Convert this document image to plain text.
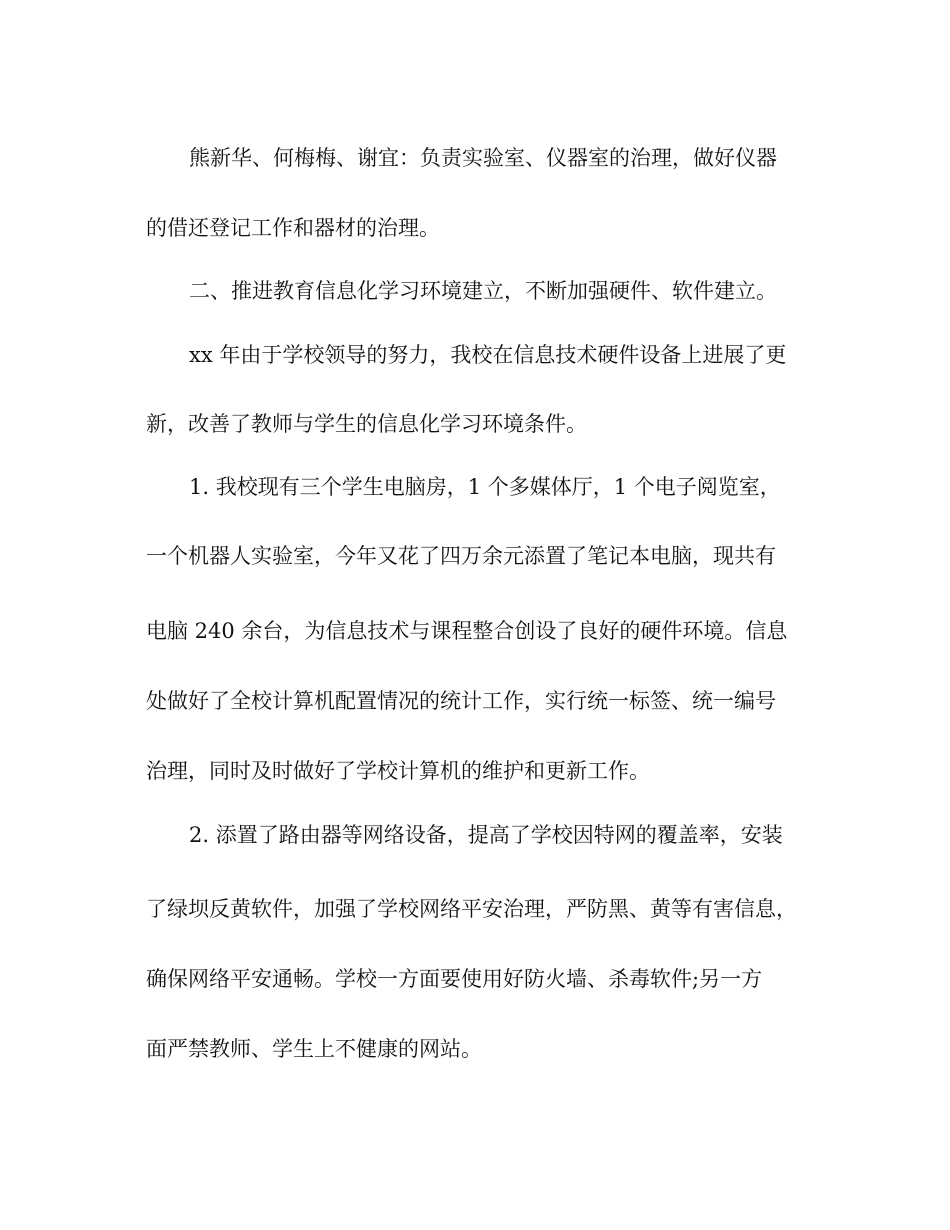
熊新华、何梅梅、谢宜：负责实验室、仪器室的治理，做好仪器
的借还登记工作和器材的治理。
二、推进教育信息化学习环境建立，不断加强硬件、软件建立。
xx 年由于学校领导的努力，我校在信息技术硬件设备上进展了更
新，改善了教师与学生的信息化学习环境条件。
1. 我校现有三个学生电脑房，1 个多媒体厅，1 个电子阅览室，
一个机器人实验室，今年又花了四万余元添置了笔记本电脑，现共有
电脑 240 余台，为信息技术与课程整合创设了良好的硬件环境。信息
处做好了全校计算机配置情况的统计工作，实行统一标签、统一编号
治理，同时及时做好了学校计算机的维护和更新工作。
2. 添置了路由器等网络设备，提高了学校因特网的覆盖率，安装
了绿坝反黄软件，加强了学校网络平安治理，严防黑、黄等有害信息，
确保网络平安通畅。学校一方面要使用好防火墙、杀毒软件;另一方
面严禁教师、学生上不健康的网站。
